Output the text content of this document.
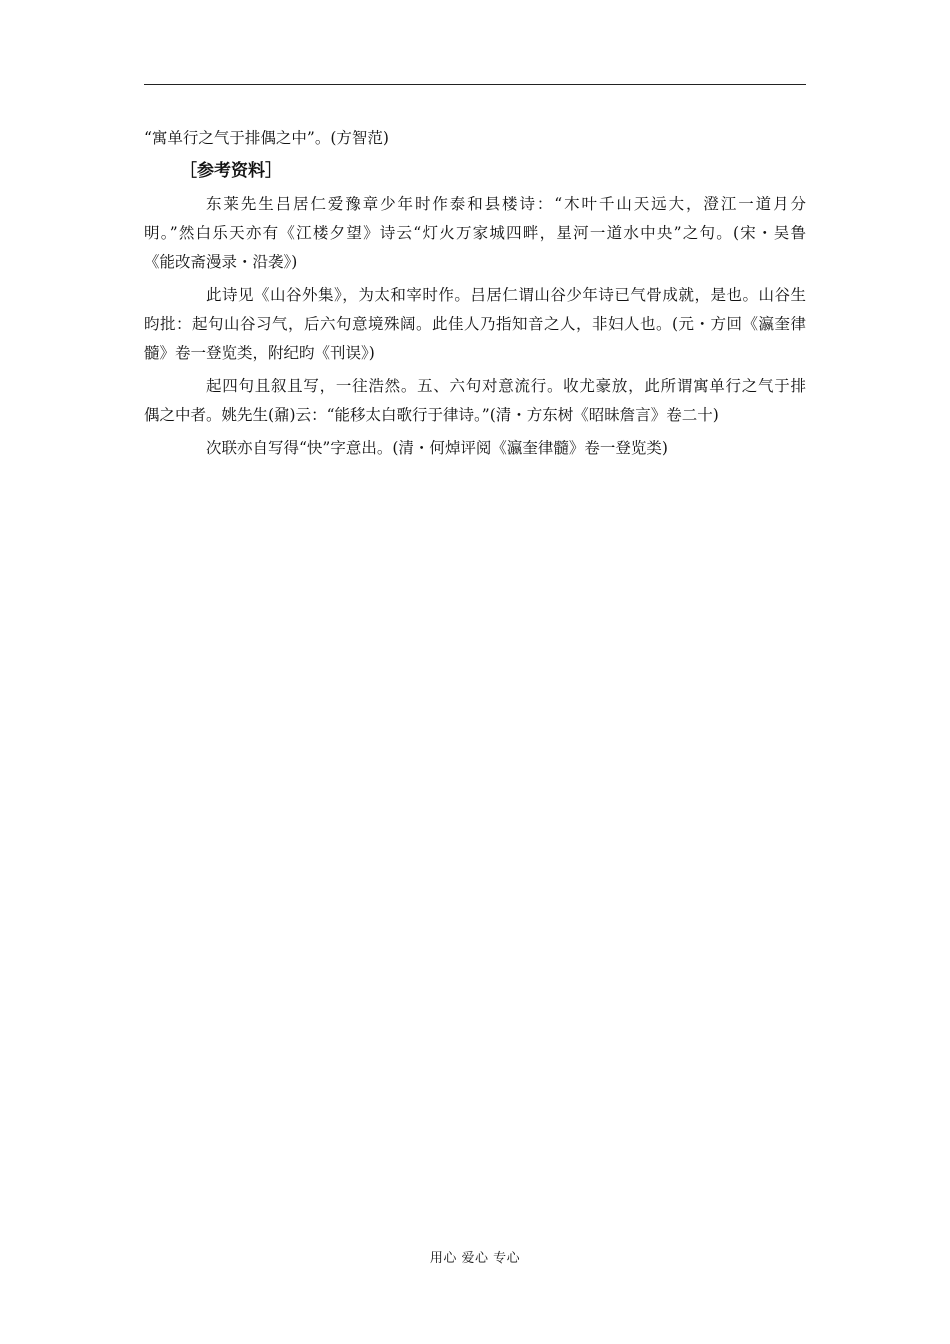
“寓单行之气于排偶之中”。(方智范)

［参考资料］

东莱先生吕居仁爱豫章少年时作泰和县楼诗：“木叶千山天远大，澄江一道月分

明。”然白乐天亦有《江楼夕望》诗云“灯火万家城四畔，星河一道水中央”之句。(宋・吴鲁

《能改斋漫录・沿袭》)

此诗见《山谷外集》，为太和宰时作。吕居仁谓山谷少年诗已气骨成就，是也。山谷生

昀批：起句山谷习气，后六句意境殊阔。此佳人乃指知音之人，非妇人也。(元・方回《瀛奎律

髓》卷一登览类，附纪昀《刊误》)

起四句且叙且写，一往浩然。五、六句对意流行。收尤豪放，此所谓寓单行之气于排

偶之中者。姚先生(鼐)云：“能移太白歌行于律诗。”(清・方东树《昭昧詹言》卷二十)

次联亦自写得“快”字意出。(清・何焯评阅《瀛奎律髓》卷一登览类)

用心 爱心 专心
